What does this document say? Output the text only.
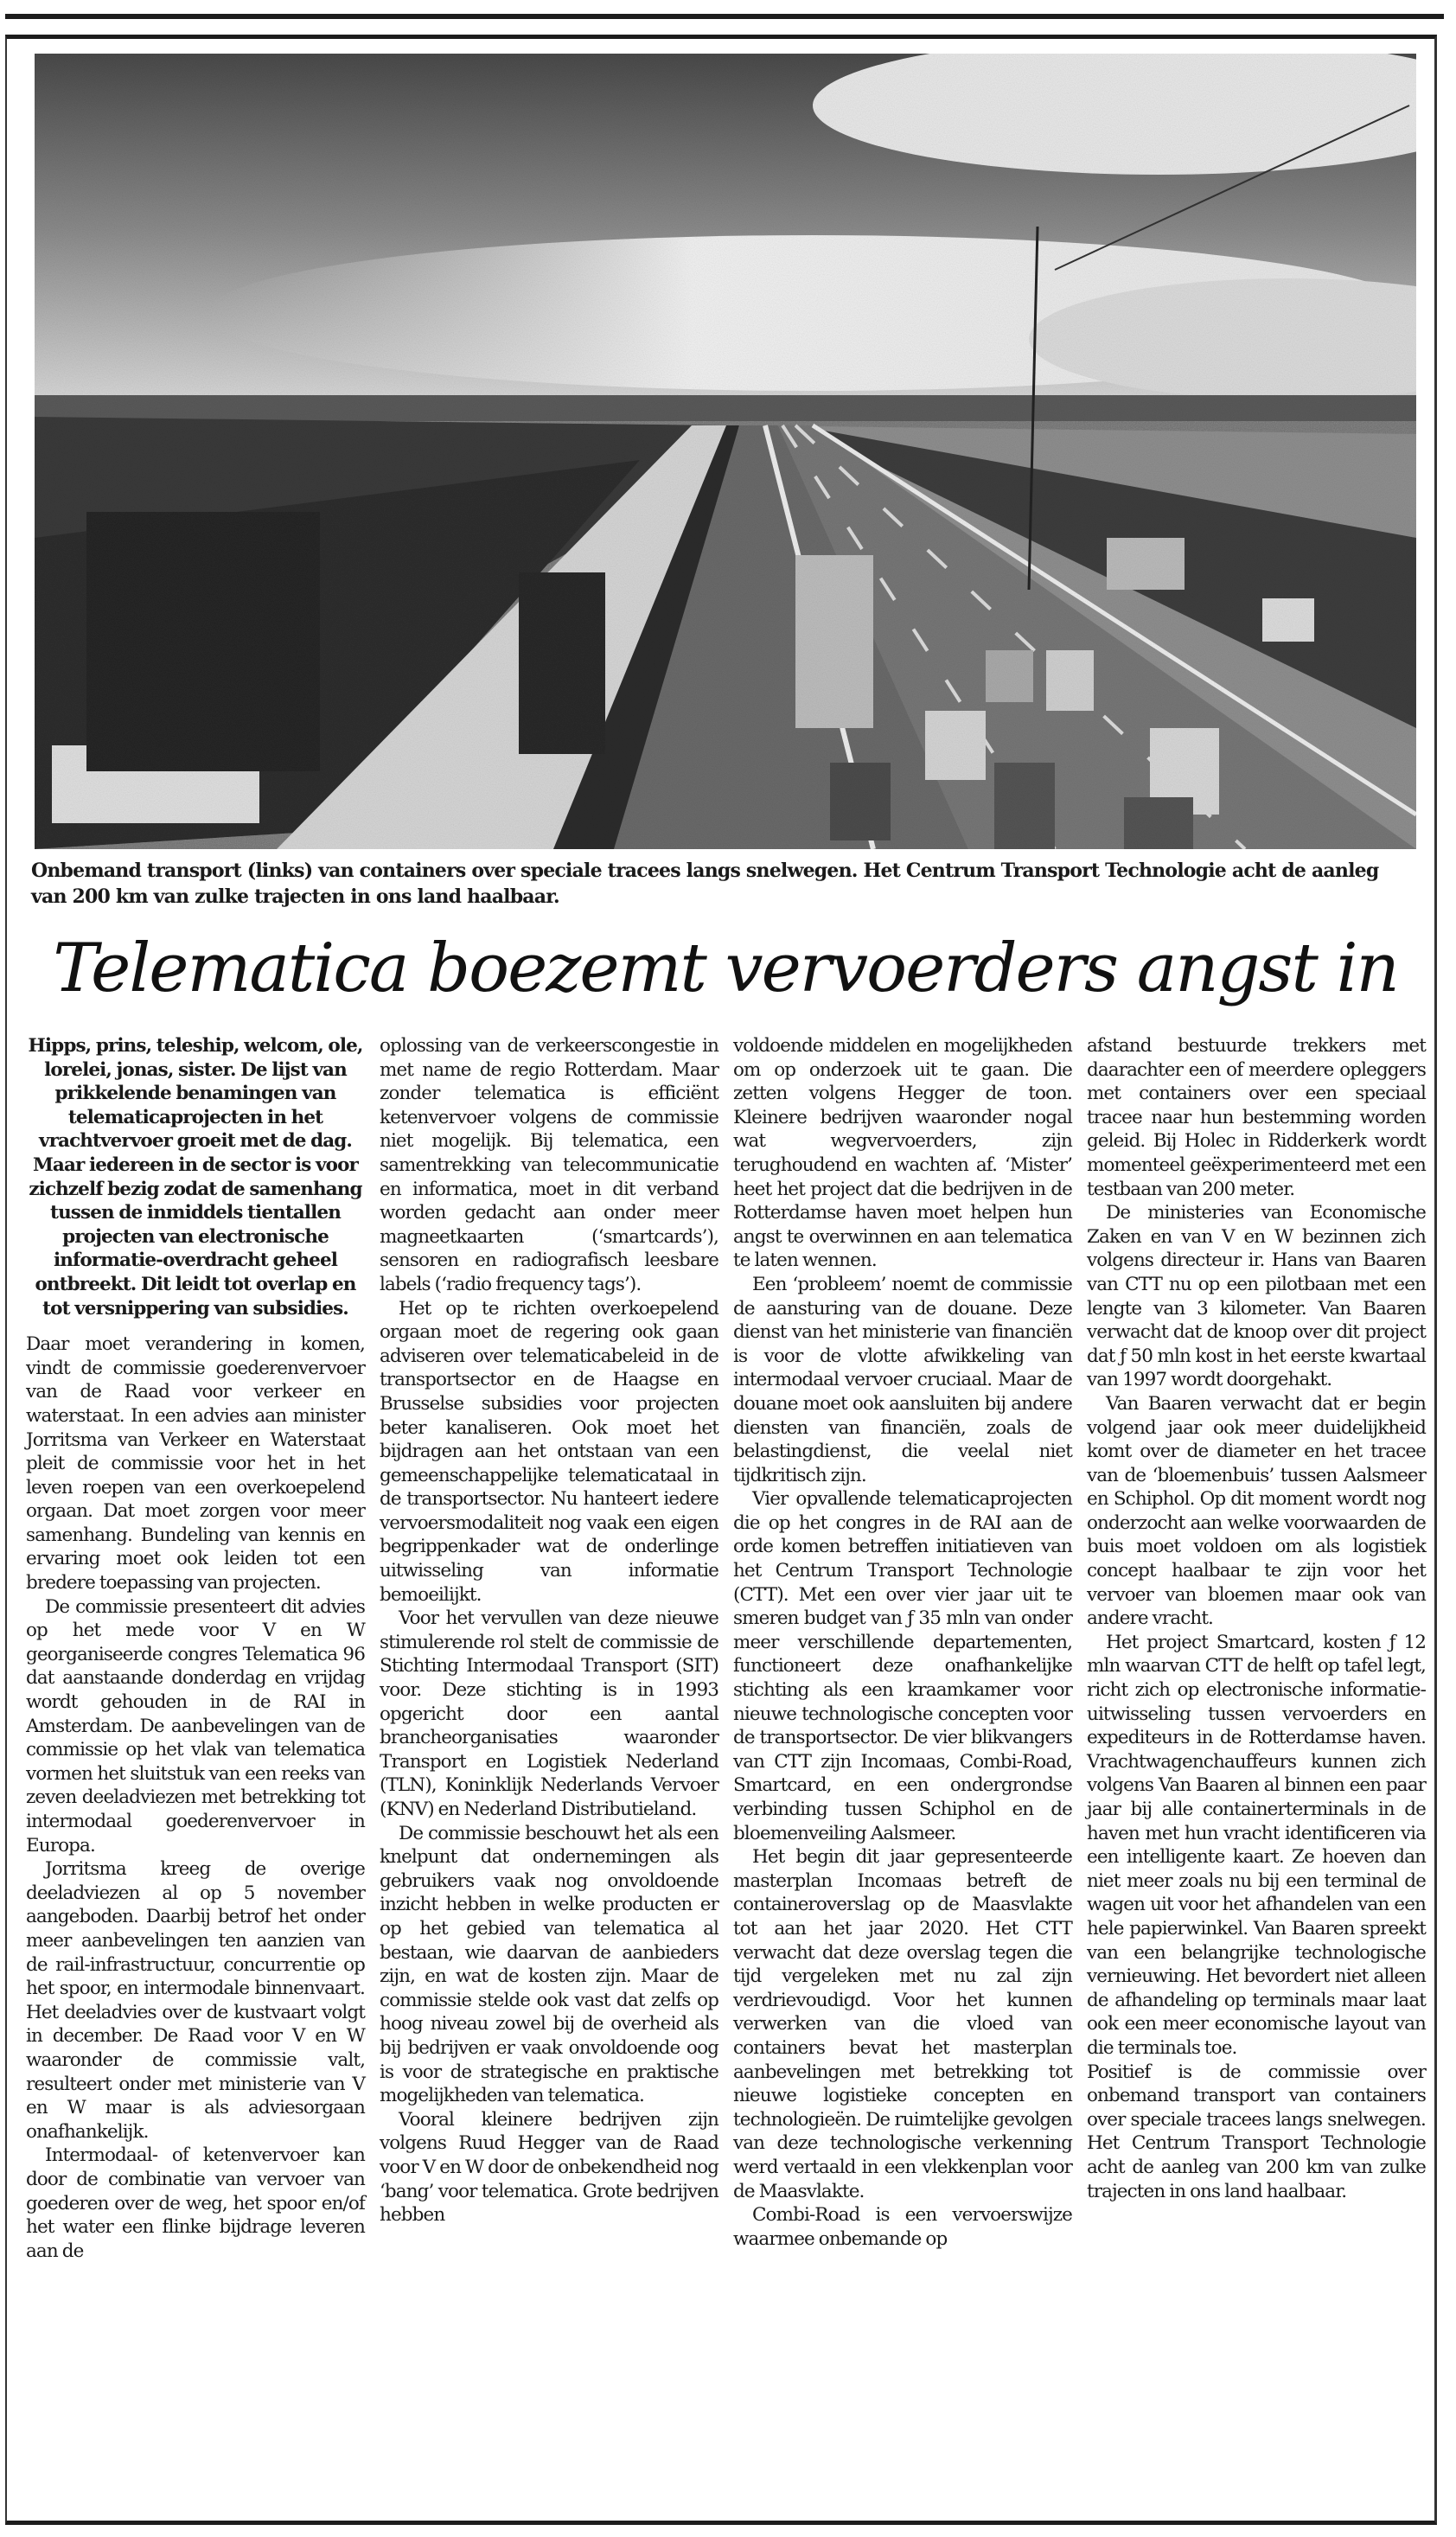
Onbemand transport (links) van containers over speciale tracees langs snelwegen. Het Centrum Transport Technologie acht de aanleg van 200 km van zulke trajecten in ons land haalbaar.

Telematica boezemt vervoerders angst in

Hipps, prins, teleship, welcom, ole, lorelei, jonas, sister. De lijst van prikkelende benamingen van telematicaprojecten in het vrachtvervoer groeit met de dag. Maar iedereen in de sector is voor zichzelf bezig zodat de samenhang tussen de inmiddels tientallen projecten van electronische informatie-overdracht geheel ontbreekt. Dit leidt tot overlap en tot versnippering van subsidies.

Daar moet verandering in komen, vindt de commissie goederenvervoer van de Raad voor verkeer en waterstaat. In een advies aan minister Jorritsma van Verkeer en Waterstaat pleit de commissie voor het in het leven roepen van een overkoepelend orgaan. Dat moet zorgen voor meer samenhang. Bundeling van kennis en ervaring moet ook leiden tot een bredere toepassing van projecten.

De commissie presenteert dit advies op het mede voor V en W georganiseerde congres Telematica 96 dat aanstaande donderdag en vrijdag wordt gehouden in de RAI in Amsterdam. De aanbevelingen van de commissie op het vlak van telematica vormen het sluitstuk van een reeks van zeven deeladviezen met betrekking tot intermodaal goederenvervoer in Europa.

Jorritsma kreeg de overige deeladviezen al op 5 november aangeboden. Daarbij betrof het onder meer aanbevelingen ten aanzien van de rail-infrastructuur, concurrentie op het spoor, en intermodale binnenvaart. Het deeladvies over de kustvaart volgt in december. De Raad voor V en W waaronder de commissie valt, resulteert onder met ministerie van V en W maar is als adviesorgaan onafhankelijk.

Intermodaal- of ketenvervoer kan door de combinatie van vervoer van goederen over de weg, het spoor en/of het water een flinke bijdrage leveren aan de

oplossing van de verkeerscongestie in met name de regio Rotterdam. Maar zonder telematica is efficiënt ketenvervoer volgens de commissie niet mogelijk. Bij telematica, een samentrekking van telecommunicatie en informatica, moet in dit verband worden gedacht aan onder meer magneetkaarten (‘smartcards’), sensoren en radiografisch leesbare labels (‘radio frequency tags’).

Het op te richten overkoepelend orgaan moet de regering ook gaan adviseren over telematicabeleid in de transportsector en de Haagse en Brusselse subsidies voor projecten beter kanaliseren. Ook moet het bijdragen aan het ontstaan van een gemeenschappelijke telematicataal in de transportsector. Nu hanteert iedere vervoersmodaliteit nog vaak een eigen begrippenkader wat de onderlinge uitwisseling van informatie bemoeilijkt.

Voor het vervullen van deze nieuwe stimulerende rol stelt de commissie de Stichting Intermodaal Transport (SIT) voor. Deze stichting is in 1993 opgericht door een aantal brancheorganisaties waaronder Transport en Logistiek Nederland (TLN), Koninklijk Nederlands Vervoer (KNV) en Nederland Distributieland.

De commissie beschouwt het als een knelpunt dat ondernemingen als gebruikers vaak nog onvoldoende inzicht hebben in welke producten er op het gebied van telematica al bestaan, wie daarvan de aanbieders zijn, en wat de kosten zijn. Maar de commissie stelde ook vast dat zelfs op hoog niveau zowel bij de overheid als bij bedrijven er vaak onvoldoende oog is voor de strategische en praktische mogelijkheden van telematica.

Vooral kleinere bedrijven zijn volgens Ruud Hegger van de Raad voor V en W door de onbekendheid nog ‘bang’ voor telematica. Grote bedrijven hebben

voldoende middelen en mogelijkheden om op onderzoek uit te gaan. Die zetten volgens Hegger de toon. Kleinere bedrijven waaronder nogal wat wegvervoerders, zijn terughoudend en wachten af. ‘Mister’ heet het project dat die bedrijven in de Rotterdamse haven moet helpen hun angst te overwinnen en aan telematica te laten wennen.

Een ‘probleem’ noemt de commissie de aansturing van de douane. Deze dienst van het ministerie van financiën is voor de vlotte afwikkeling van intermodaal vervoer cruciaal. Maar de douane moet ook aansluiten bij andere diensten van financiën, zoals de belastingdienst, die veelal niet tijdkritisch zijn.

Vier opvallende telematicaprojecten die op het congres in de RAI aan de orde komen betreffen initiatieven van het Centrum Transport Technologie (CTT). Met een over vier jaar uit te smeren budget van ƒ 35 mln van onder meer verschillende departementen, functioneert deze onafhankelijke stichting als een kraamkamer voor nieuwe technologische concepten voor de transportsector. De vier blikvangers van CTT zijn Incomaas, Combi-Road, Smartcard, en een ondergrondse verbinding tussen Schiphol en de bloemenveiling Aalsmeer.

Het begin dit jaar gepresenteerde masterplan Incomaas betreft de containeroverslag op de Maasvlakte tot aan het jaar 2020. Het CTT verwacht dat deze overslag tegen die tijd vergeleken met nu zal zijn verdrievoudigd. Voor het kunnen verwerken van die vloed van containers bevat het masterplan aanbevelingen met betrekking tot nieuwe logistieke concepten en technologieën. De ruimtelijke gevolgen van deze technologische verkenning werd vertaald in een vlekkenplan voor de Maasvlakte.

Combi-Road is een vervoerswijze waarmee onbemande op

afstand bestuurde trekkers met daarachter een of meerdere opleggers met containers over een speciaal tracee naar hun bestemming worden geleid. Bij Holec in Ridderkerk wordt momenteel geëxperimenteerd met een testbaan van 200 meter.

De ministeries van Economische Zaken en van V en W bezinnen zich volgens directeur ir. Hans van Baaren van CTT nu op een pilotbaan met een lengte van 3 kilometer. Van Baaren verwacht dat de knoop over dit project dat ƒ 50 mln kost in het eerste kwartaal van 1997 wordt doorgehakt.

Van Baaren verwacht dat er begin volgend jaar ook meer duidelijkheid komt over de diameter en het tracee van de ‘bloemenbuis’ tussen Aalsmeer en Schiphol. Op dit moment wordt nog onderzocht aan welke voorwaarden de buis moet voldoen om als logistiek concept haalbaar te zijn voor het vervoer van bloemen maar ook van andere vracht.

Het project Smartcard, kosten ƒ 12 mln waarvan CTT de helft op tafel legt, richt zich op electronische informatie-uitwisseling tussen vervoerders en expediteurs in de Rotterdamse haven. Vrachtwagenchauffeurs kunnen zich volgens Van Baaren al binnen een paar jaar bij alle containerterminals in de haven met hun vracht identificeren via een intelligente kaart. Ze hoeven dan niet meer zoals nu bij een terminal de wagen uit voor het afhandelen van een hele papierwinkel. Van Baaren spreekt van een belangrijke technologische vernieuwing. Het bevordert niet alleen de afhandeling op terminals maar laat ook een meer economische layout van die terminals toe.

Positief is de commissie over onbemand transport van containers over speciale tracees langs snelwegen. Het Centrum Transport Technologie acht de aanleg van 200 km van zulke trajecten in ons land haalbaar.
